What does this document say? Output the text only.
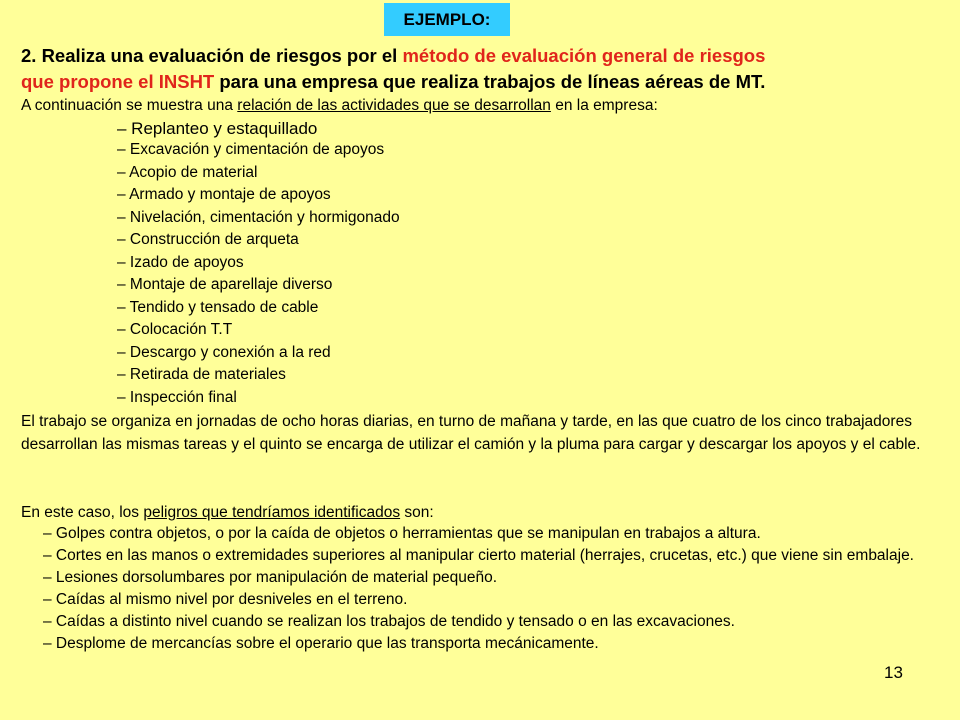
EJEMPLO:
2. Realiza una evaluación de riesgos por el método de evaluación general de riesgos
que propone el INSHT para una empresa que realiza trabajos de líneas aéreas de MT.
A continuación se muestra una relación de las actividades que se desarrollan en la empresa:
– Replanteo y estaquillado
– Excavación y cimentación de apoyos
– Acopio de material
– Armado y montaje de apoyos
– Nivelación, cimentación y hormigonado
– Construcción de arqueta
– Izado de apoyos
– Montaje de aparellaje diverso
– Tendido y tensado de cable
– Colocación T.T
– Descargo y conexión a la red
– Retirada de materiales
– Inspección final
El trabajo se organiza en jornadas de ocho horas diarias, en turno de mañana y tarde, en las que cuatro de los cinco trabajadores desarrollan las mismas tareas y el quinto se encarga de utilizar el camión y la pluma para cargar y descargar los apoyos y el cable.
En este caso, los peligros que tendríamos identificados son:
– Golpes contra objetos, o por la caída de objetos o herramientas que se manipulan en trabajos a altura.
– Cortes en las manos o extremidades superiores al manipular cierto material (herrajes, crucetas, etc.) que viene sin embalaje.
– Lesiones dorsolumbares por manipulación de material pequeño.
– Caídas al mismo nivel por desniveles en el terreno.
– Caídas a distinto nivel cuando se realizan los trabajos de tendido y tensado o en las excavaciones.
– Desplome de mercancías sobre el operario que las transporta mecánicamente.
13
